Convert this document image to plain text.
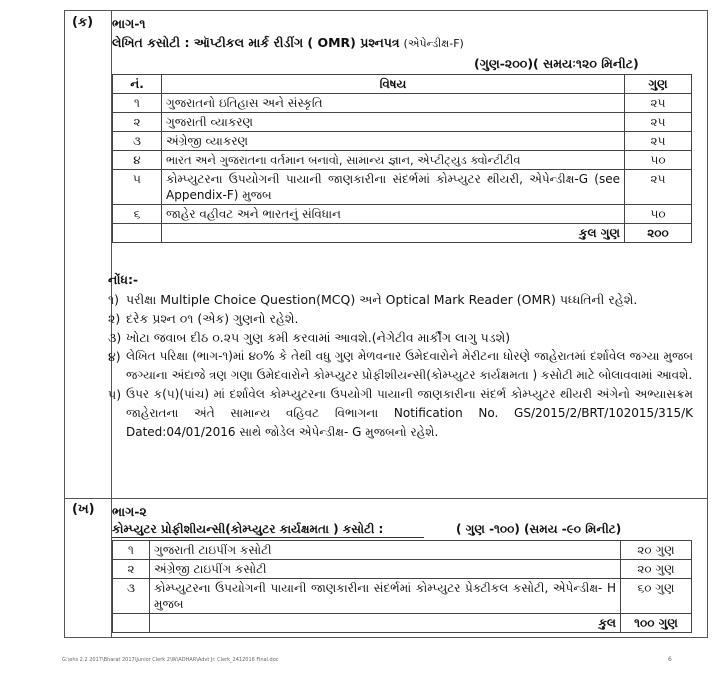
(ક) ભાગ-૧
લેખિત કસોટી : ઑપ્ટીકલ માર્ક રીડીંગ ( OMR) પ્રશ્નપત્ર (એપેન્ડીક્ષ-F)
(ગુણ-૨૦૦)( સમયઃ૧૨૦ મિનીટ)
નં.	વિષય	ગુણ
૧	ગુજરાતનો ઇતિહાસ અને સંસ્કૃતિ	૨૫
૨	ગુજરાતી વ્યાકરણ	૨૫
૩	અંગ્રેજી વ્યાકરણ	૨૫
૪	ભારત અને ગુજરાતના વર્તમાન બનાવો, સામાન્ય જ્ઞાન, એપ્ટીટ્યુડ ક્વોન્ટીટીવ	૫૦
૫	કોમ્પ્યુટરના ઉપયોગની પાયાની જાણકારીના સંદર્ભમાં કોમ્પ્યુટર થીયરી, એપેન્ડીક્ષ-G (see Appendix-F) મુજબ	૨૫
૬	જાહેર વહીવટ અને ભારતનું સંવિધાન	૫૦
	કુલ ગુણ	૨૦૦
નોંધ:-
૧) પરીક્ષા Multiple Choice Question(MCQ) અને Optical Mark Reader (OMR) પધ્ધતિની રહેશે.
૨) દરેક પ્રશ્ન ૦૧ (એક) ગુણનો રહેશે.
૩) ખોટા જવાબ દીઠ ૦.૨૫ ગુણ કમી કરવામાં આવશે.(નેગેટીવ માર્કીંગ લાગુ પડશે)
૪) લેખિત પરિક્ષા (ભાગ-૧)માં ૪૦% કે તેથી વધુ ગુણ મેળવનાર ઉમેદવારોને મેરીટના ધોરણે જાહેરાતમાં દર્શાવેલ જગ્યા મુજબ જગ્યાના અંદાજે ત્રણ ગણા ઉમેદવારોને કોમ્પ્યુટર પ્રોફીશીયન્સી(કોમ્પ્યુટર કાર્યક્ષમતા ) કસોટી માટે બોલાવવામાં આવશે.
૫) ઉપર ક(૫)(પાંચ) માં દર્શાવેલ કોમ્પ્યુટરના ઉપયોગી પાયાની જાણકારીના સંદર્ભ કોમ્પ્યુટર થીયરી અંગેનો અભ્યાસક્રમ જાહેરાતના અંતે સામાન્ય વહિવટ વિભાગના Notification No. GS/2015/2/BRT/102015/315/K Dated:04/01/2016 સાથે જોડેલ એપેન્ડીક્ષ- G મુજબનો રહેશે.
(ખ) ભાગ-૨
કોમ્પ્યુટર પ્રોફીશીયન્સી(કોમ્પ્યુટર કાર્યક્ષમતા ) કસોટી :	( ગુણ -૧૦૦) (સમય -૯૦ મિનીટ)
૧	ગુજરાતી ટાઇપીંગ કસોટી	૨૦ ગુણ
૨	અંગ્રેજી ટાઇપીંગ કસોટી	૨૦ ગુણ
૩	કોમ્પ્યુટરના ઉપયોગની પાયાની જાણકારીના સંદર્ભમાં કોમ્પ્યુટર પ્રેક્ટીકલ કસોટી, એપેન્ડીક્ષ- H મુજબ	૬૦ ગુણ
	કુલ	૧૦૦ ગુણ
G:\ehs 2.2 2017\Bharat 2017\Junior Clerk 2\W\ADHAR\Advt Jr. Clerk_2412016 Final.doc	6
